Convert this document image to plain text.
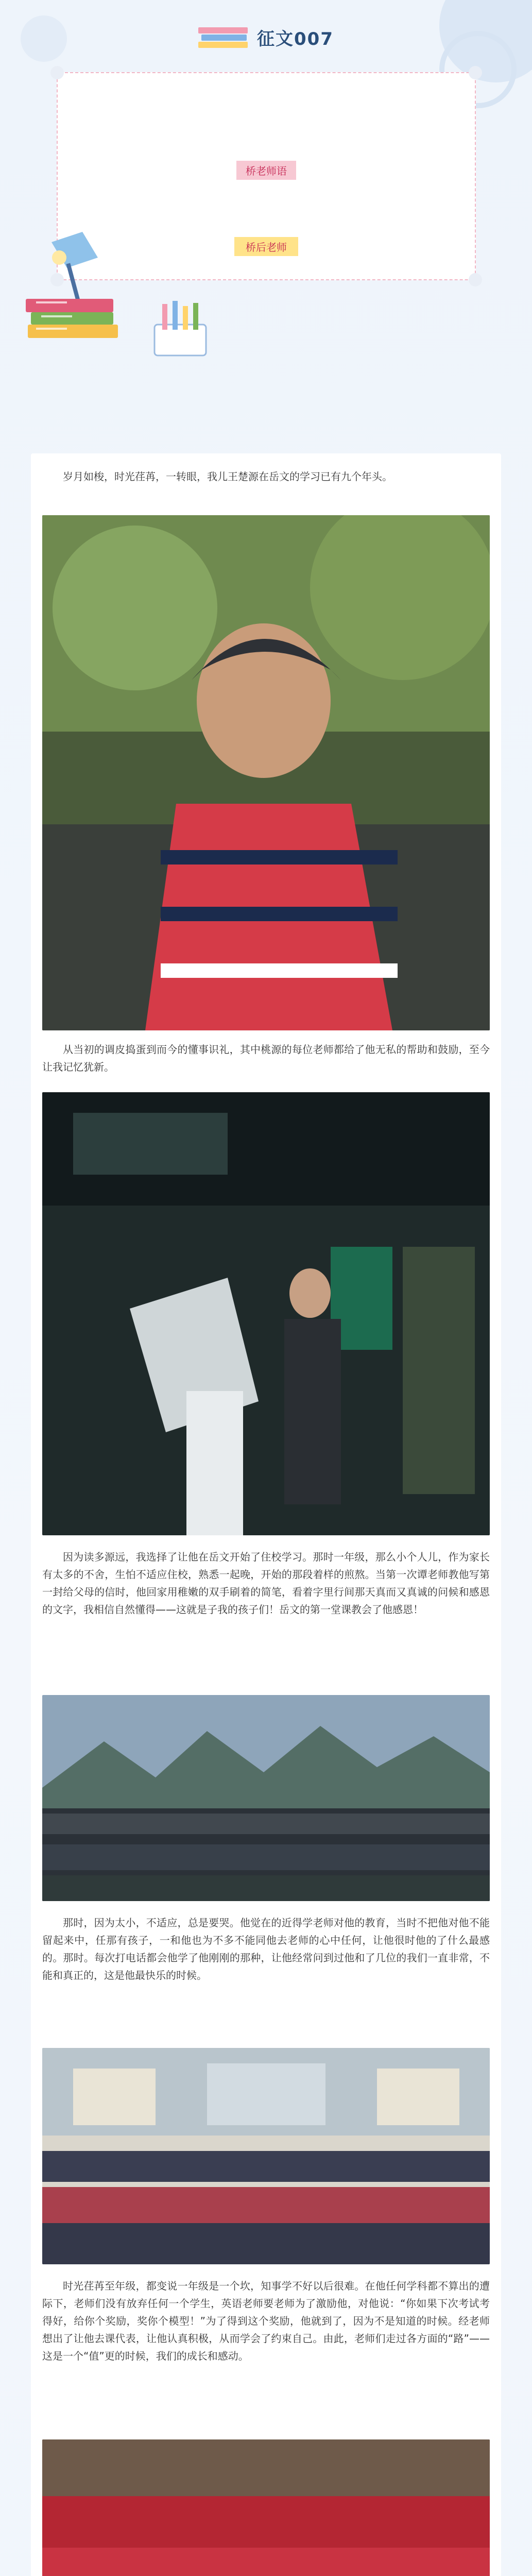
征文007
桥老师语
桥后老师

岁月如梭，时光荏苒，一转眼，我儿王楚源在岳文的学习已有九个年头。

从当初的调皮捣蛋到而今的懂事识礼，其中桃源的每位老师都给了他无私的帮助和鼓励，至今让我记忆犹新。

因为读多源远，我选择了让他在岳文开始了住校学习。那时一年级，那么小个人儿，作为家长有太多的不舍，生怕不适应住校，熟悉一起晚，开始的那段着样的煎熬。当第一次谭老师教他写第一封给父母的信时，他回家用稚嫩的双手刷着的简笔，看着字里行间那天真而又真诚的问候和感恩的文字，我相信自然懂得——这就是子我的孩子们！岳文的第一堂课教会了他感恩！

那时，因为太小，不适应，总是要哭。他觉在的近得学老师对他的教育，当时不把他对他不能留起来中，任那有孩子，一和他也为不多不能同他去老师的心中任何，让他很时他的了什么最感的。那时。每次打电话都会他学了他刚刚的那种，让他经常问到过他和了几位的我们一直非常，不能和真正的，这是他最快乐的时候。

时光荏苒至年级，都变说一年级是一个坎，知事学不好以后很难。在他任何学科都不算出的遭际下，老师们没有放弃任何一个学生，英语老师要老师为了激励他，对他说：“你如果下次考试考得好，给你个奖励，奖你个模型！”为了得到这个奖励，他就到了，因为不是知道的时候。经老师想出了让他去课代表，让他认真积极，从而学会了约束自己。由此，老师们走过各方面的“路”——这是一个“值”更的时候，我们的成长和感动。
